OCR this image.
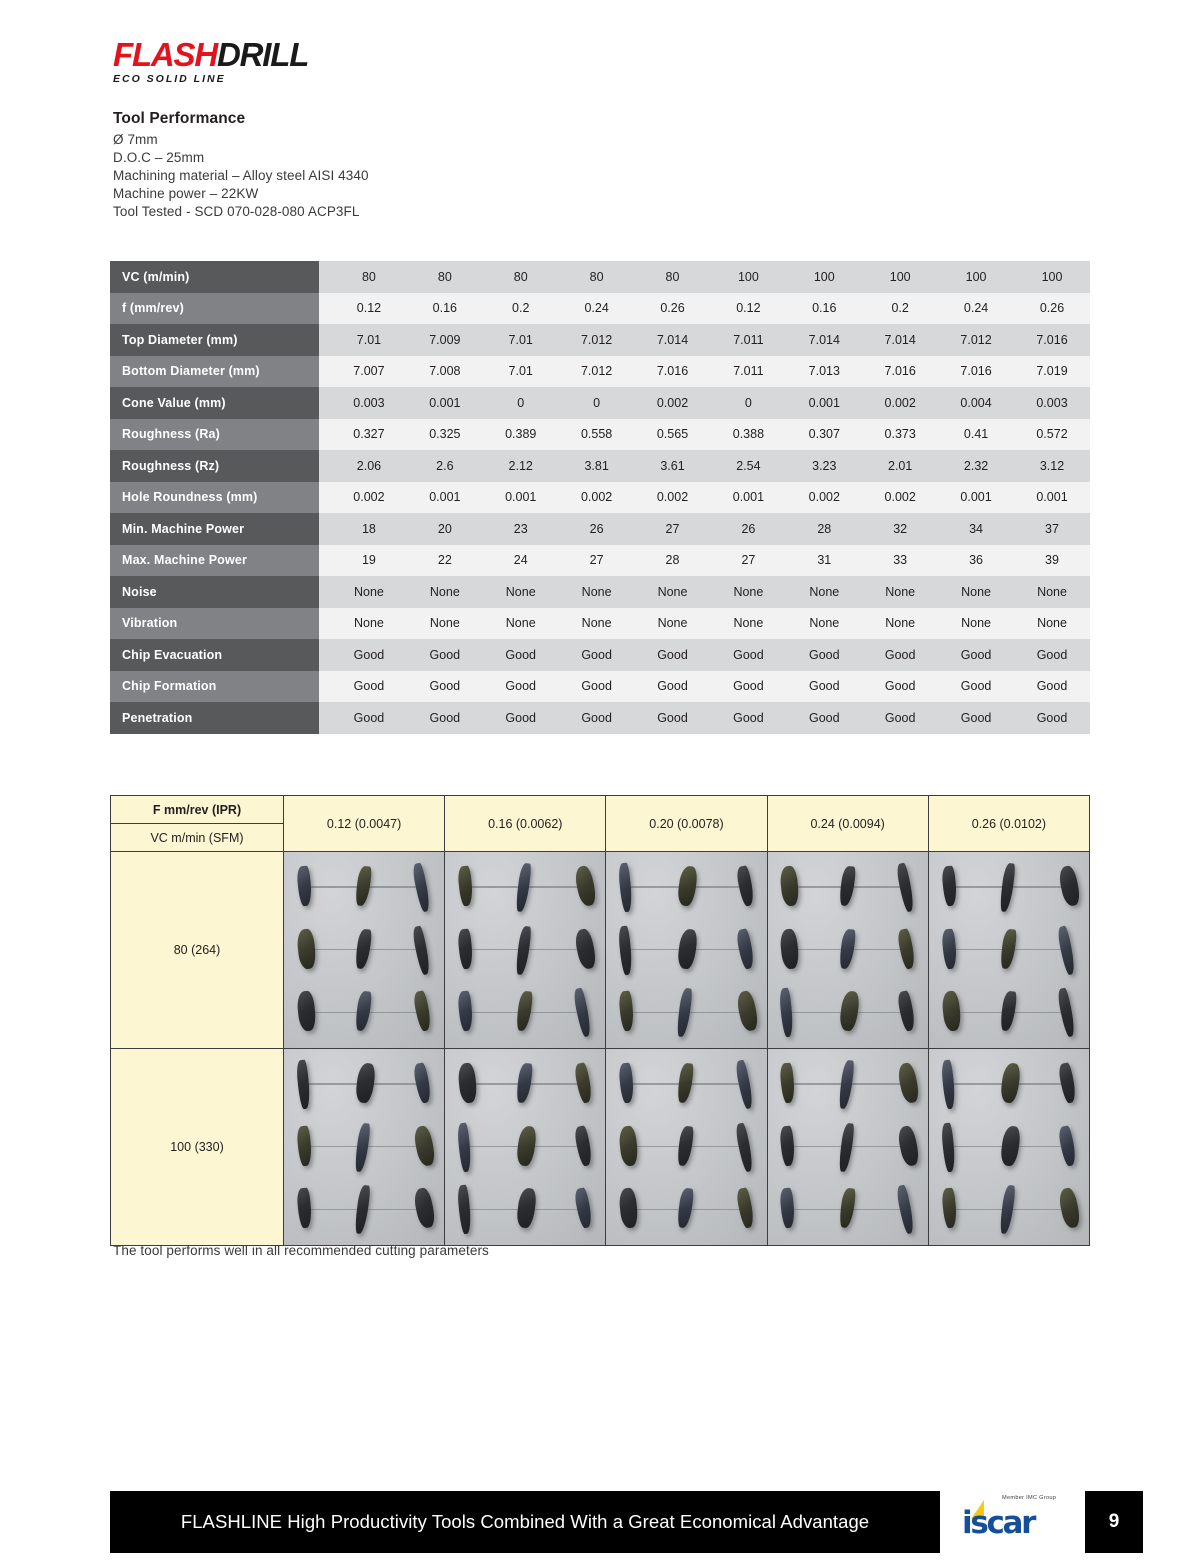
FLASHDRILL
ECO SOLID LINE
Tool Performance
Ø 7mm
D.O.C – 25mm
Machining material – Alloy steel AISI 4340
Machine power – 22KW
Tool Tested - SCD 070-028-080 ACP3FL
VC (m/min)		80	80	80	80	80	100	100	100	100	100
f (mm/rev)		0.12	0.16	0.2	0.24	0.26	0.12	0.16	0.2	0.24	0.26
Top Diameter (mm)		7.01	7.009	7.01	7.012	7.014	7.011	7.014	7.014	7.012	7.016
Bottom Diameter (mm)		7.007	7.008	7.01	7.012	7.016	7.011	7.013	7.016	7.016	7.019
Cone Value (mm)		0.003	0.001	0	0	0.002	0	0.001	0.002	0.004	0.003
Roughness (Ra)		0.327	0.325	0.389	0.558	0.565	0.388	0.307	0.373	0.41	0.572
Roughness (Rz)		2.06	2.6	2.12	3.81	3.61	2.54	3.23	2.01	2.32	3.12
Hole Roundness (mm)		0.002	0.001	0.001	0.002	0.002	0.001	0.002	0.002	0.001	0.001
Min. Machine Power		18	20	23	26	27	26	28	32	34	37
Max. Machine Power		19	22	24	27	28	27	31	33	36	39
Noise		None	None	None	None	None	None	None	None	None	None
Vibration		None	None	None	None	None	None	None	None	None	None
Chip Evacuation		Good	Good	Good	Good	Good	Good	Good	Good	Good	Good
Chip Formation		Good	Good	Good	Good	Good	Good	Good	Good	Good	Good
Penetration		Good	Good	Good	Good	Good	Good	Good	Good	Good	Good
F mm/rev (IPR)	0.12 (0.0047)	0.16 (0.0062)	0.20 (0.0078)	0.24 (0.0094)	0.26 (0.0102)
VC m/min (SFM)					
80 (264)	

100 (330)	

The tool performs well in all recommended cutting parameters
FLASHLINE High Productivity Tools Combined With a Great Economical Advantage
Member IMC Group
iscar	9
